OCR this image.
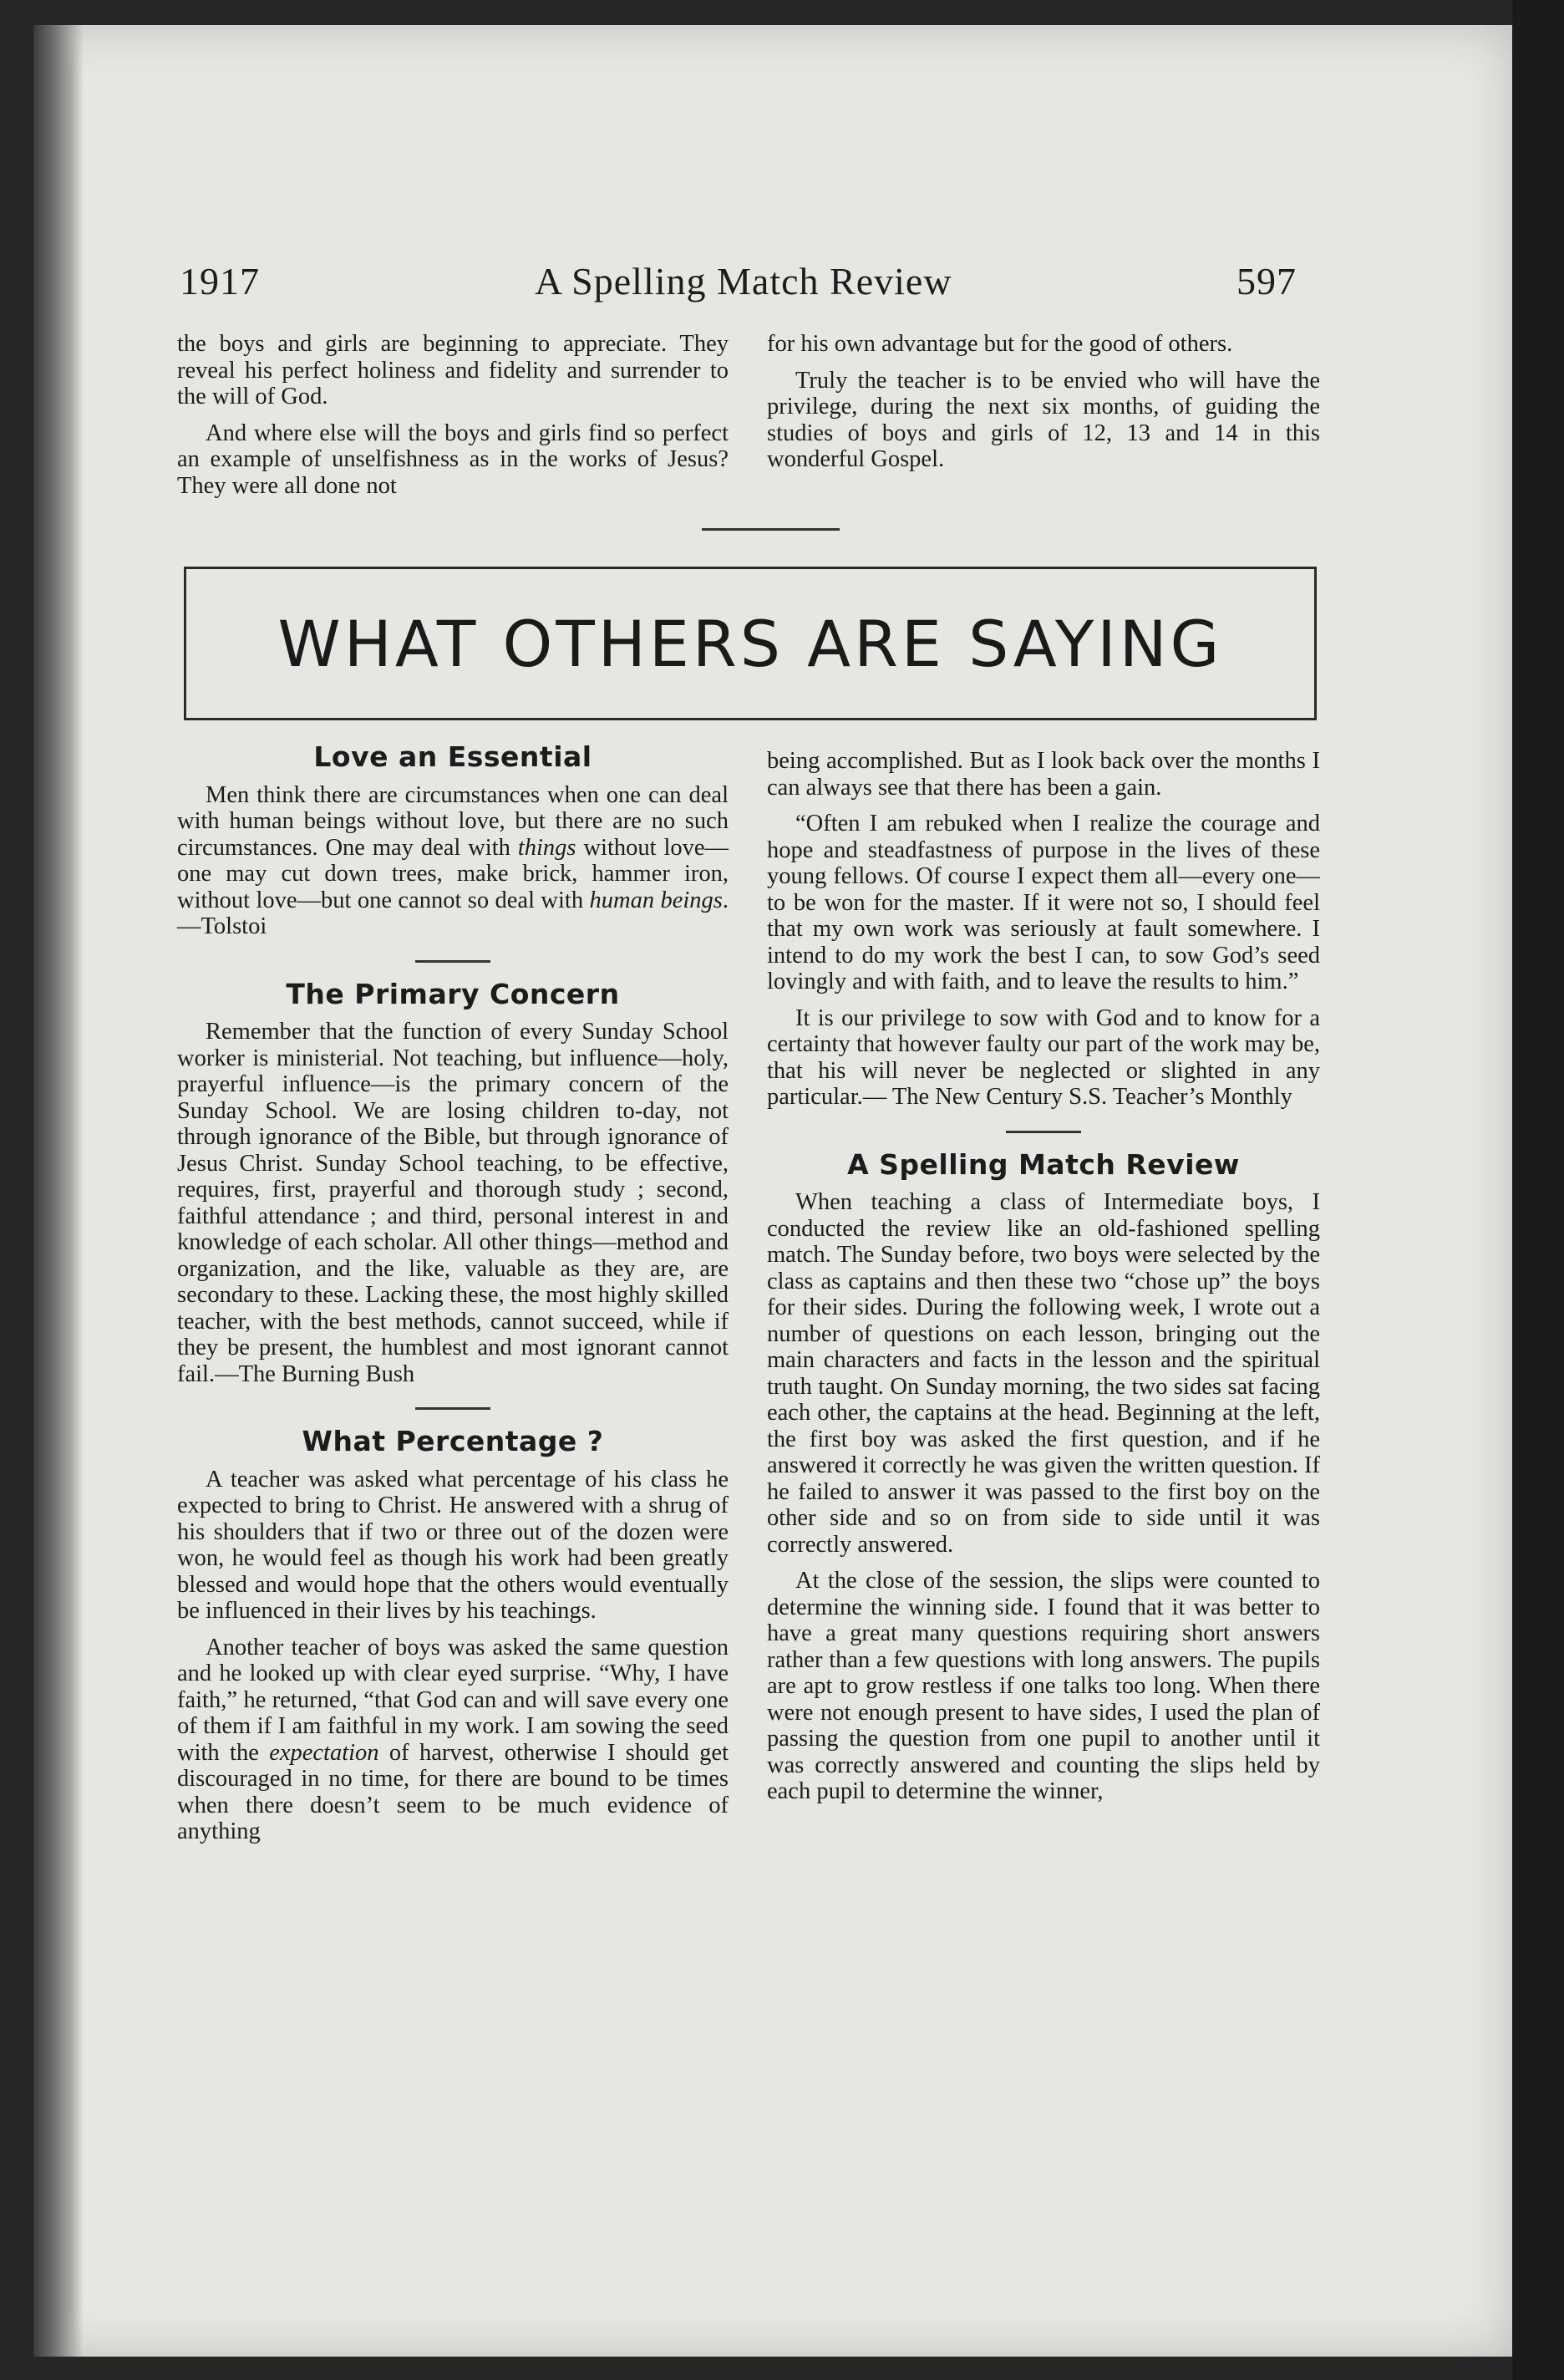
1917	A Spelling Match Review	597

the boys and girls are beginning to appreciate. They reveal his perfect holiness and fidelity and surrender to the will of God.

And where else will the boys and girls find so perfect an example of unselfishness as in the works of Jesus? They were all done not

for his own advantage but for the good of others.

Truly the teacher is to be envied who will have the privilege, during the next six months, of guiding the studies of boys and girls of 12, 13 and 14 in this wonderful Gospel.

WHAT OTHERS ARE SAYING
Love an Essential

Men think there are circumstances when one can deal with human beings without love, but there are no such circumstances. One may deal with things without love—one may cut down trees, make brick, hammer iron, without love—but one cannot so deal with human beings.—Tolstoi

The Primary Concern

Remember that the function of every Sunday School worker is ministerial. Not teaching, but influence—holy, prayerful influence—is the primary concern of the Sunday School. We are losing children to-day, not through ignorance of the Bible, but through ignorance of Jesus Christ. Sunday School teaching, to be effective, requires, first, prayerful and thorough study ; second, faithful attendance ; and third, personal interest in and knowledge of each scholar. All other things—method and organization, and the like, valuable as they are, are secondary to these. Lacking these, the most highly skilled teacher, with the best methods, cannot succeed, while if they be present, the humblest and most ignorant cannot fail.—The Burning Bush

What Percentage ?

A teacher was asked what percentage of his class he expected to bring to Christ. He answered with a shrug of his shoulders that if two or three out of the dozen were won, he would feel as though his work had been greatly blessed and would hope that the others would eventually be influenced in their lives by his teachings.

Another teacher of boys was asked the same question and he looked up with clear eyed surprise. “Why, I have faith,” he returned, “that God can and will save every one of them if I am faithful in my work. I am sowing the seed with the expectation of harvest, otherwise I should get discouraged in no time, for there are bound to be times when there doesn’t seem to be much evidence of anything

being accomplished. But as I look back over the months I can always see that there has been a gain.

“Often I am rebuked when I realize the courage and hope and steadfastness of purpose in the lives of these young fellows. Of course I expect them all—every one—to be won for the master. If it were not so, I should feel that my own work was seriously at fault somewhere. I intend to do my work the best I can, to sow God’s seed lovingly and with faith, and to leave the results to him.”

It is our privilege to sow with God and to know for a certainty that however faulty our part of the work may be, that his will never be neglected or slighted in any particular.— The New Century S.S. Teacher’s Monthly

A Spelling Match Review

When teaching a class of Intermediate boys, I conducted the review like an old-fashioned spelling match. The Sunday before, two boys were selected by the class as captains and then these two “chose up” the boys for their sides. During the following week, I wrote out a number of questions on each lesson, bringing out the main characters and facts in the lesson and the spiritual truth taught. On Sunday morning, the two sides sat facing each other, the captains at the head. Beginning at the left, the first boy was asked the first question, and if he answered it correctly he was given the written question. If he failed to answer it was passed to the first boy on the other side and so on from side to side until it was correctly answered.

At the close of the session, the slips were counted to determine the winning side. I found that it was better to have a great many questions requiring short answers rather than a few questions with long answers. The pupils are apt to grow restless if one talks too long. When there were not enough present to have sides, I used the plan of passing the question from one pupil to another until it was correctly answered and counting the slips held by each pupil to determine the winner,
